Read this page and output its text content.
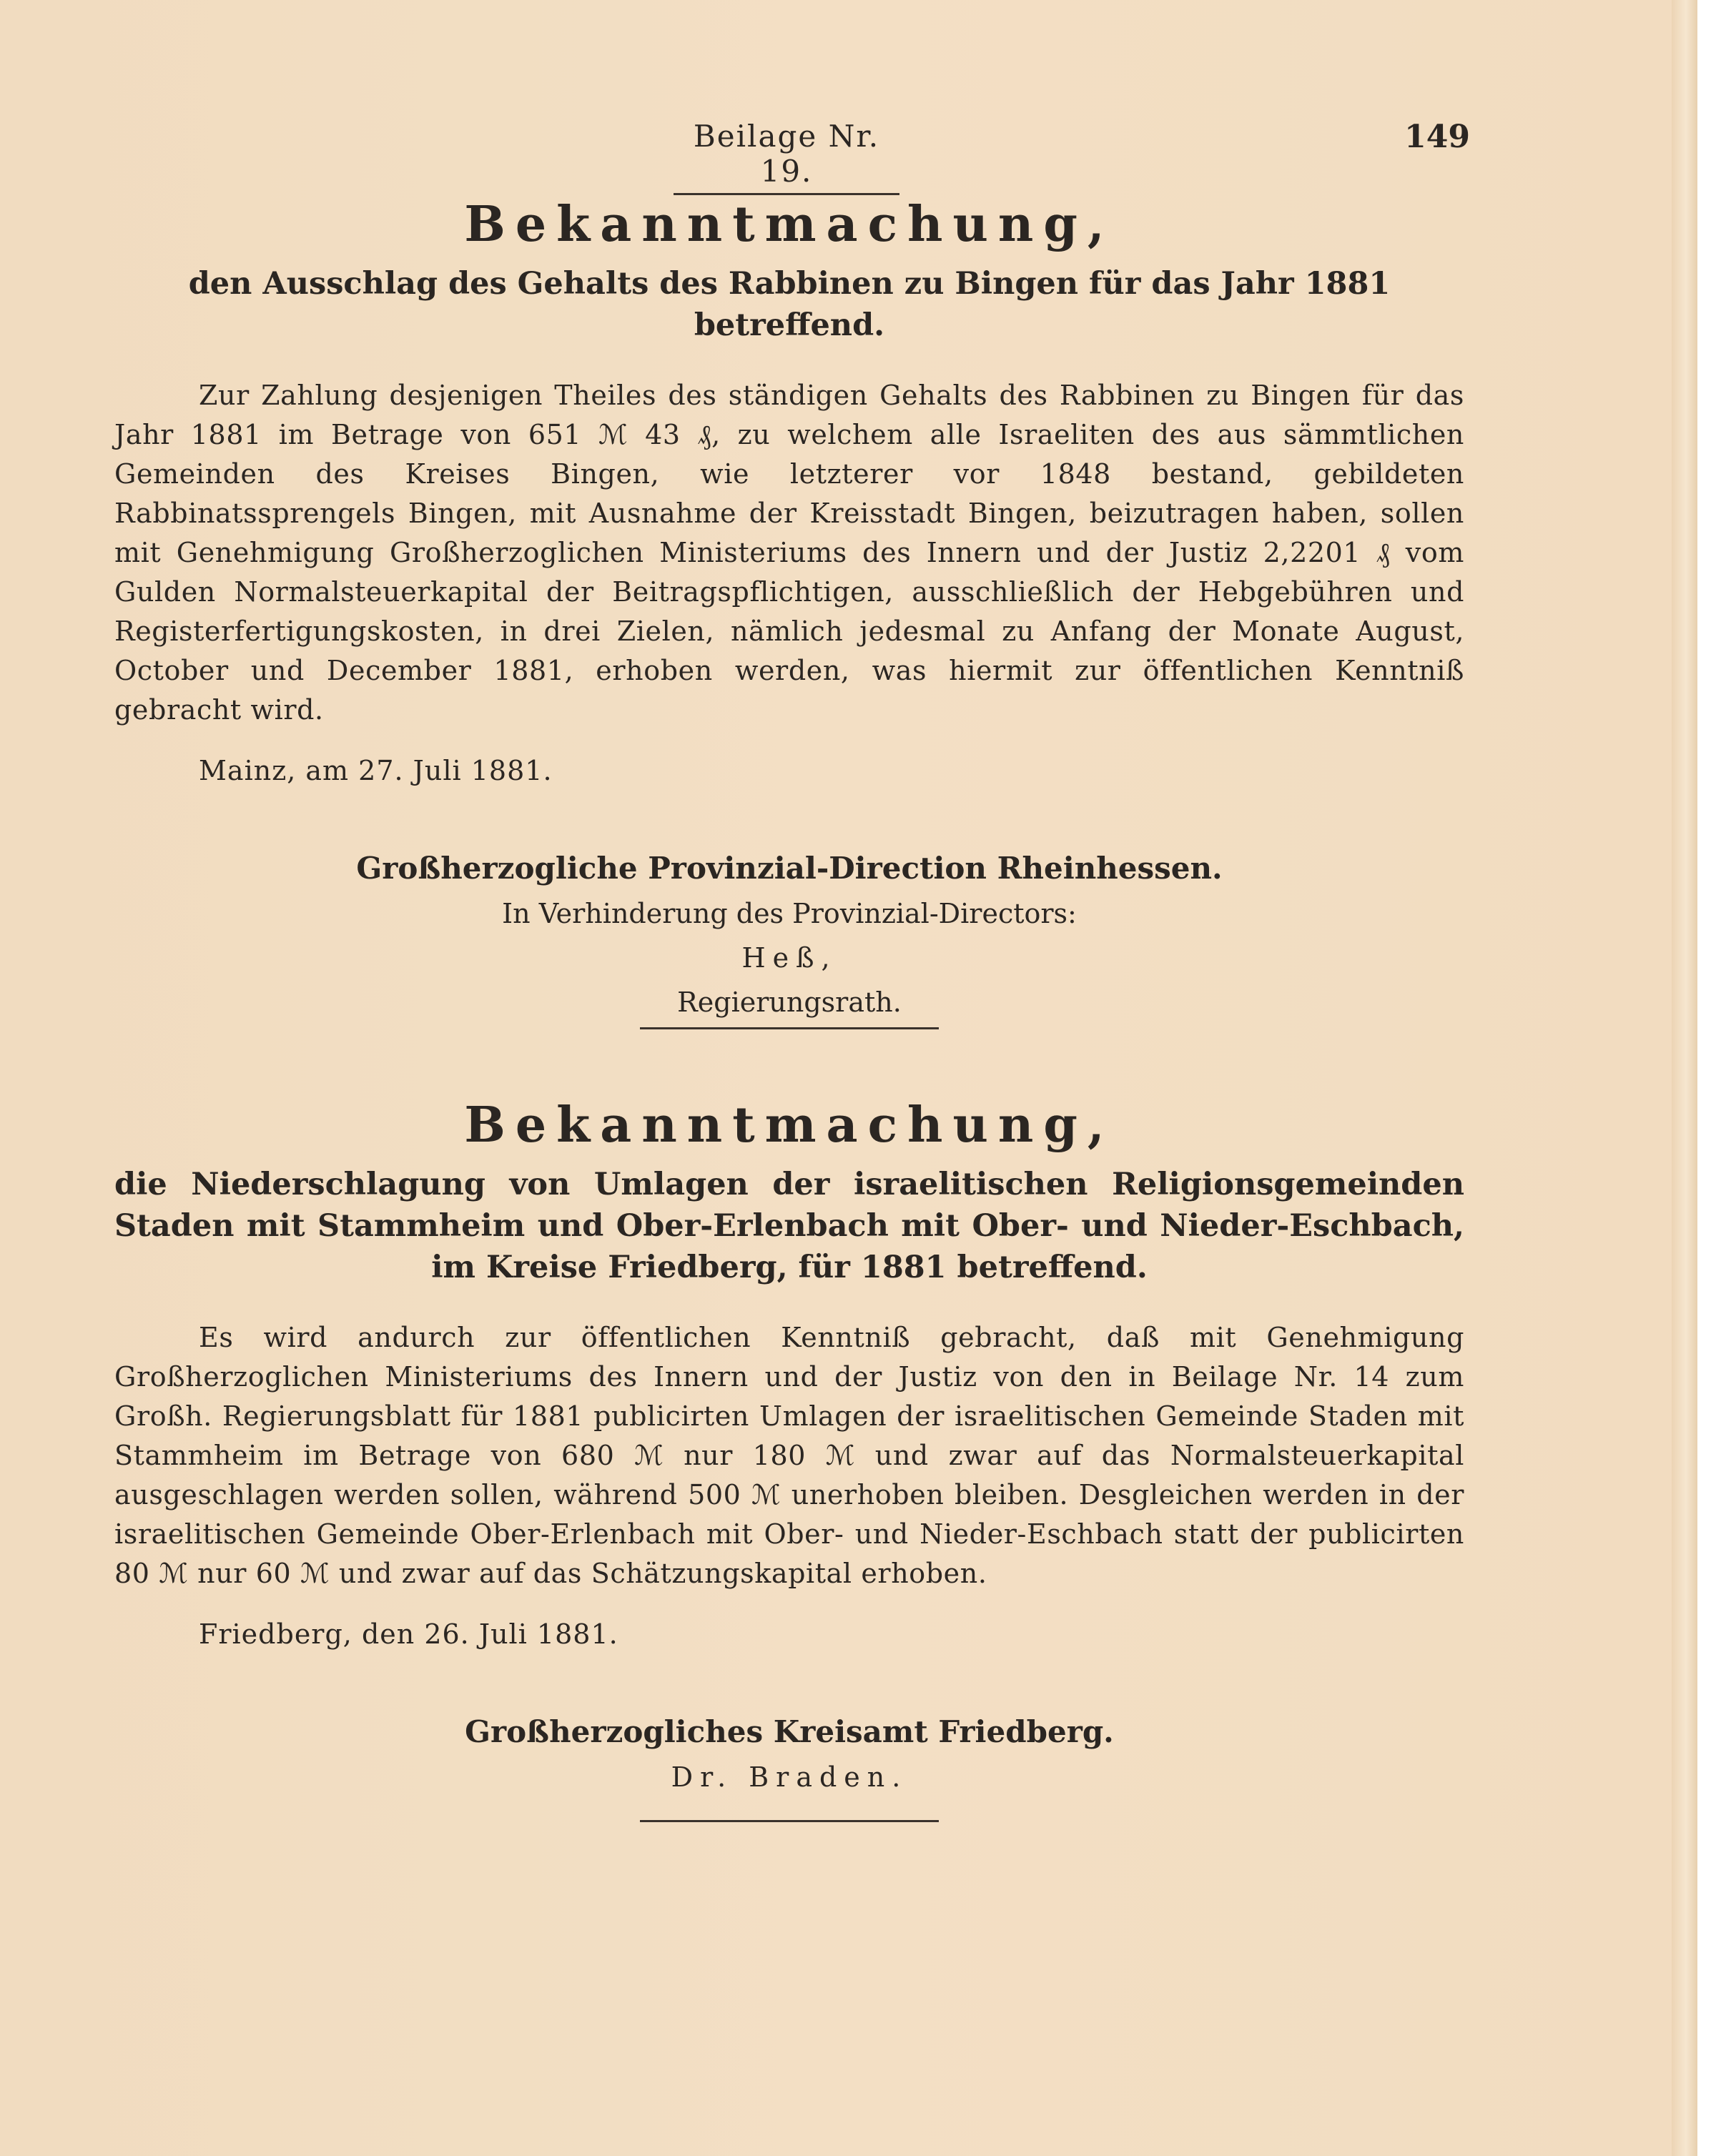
Beilage Nr. 19.
149
Bekanntmachung,

den Ausschlag des Gehalts des Rabbinen zu Bingen für das Jahr 1881 betreffend.

Zur Zahlung desjenigen Theiles des ständigen Gehalts des Rabbinen zu Bingen für das Jahr 1881 im Betrage von 651 ℳ 43 ₰, zu welchem alle Israeliten des aus sämmtlichen Gemeinden des Kreises Bingen, wie letzterer vor 1848 bestand, gebildeten Rabbinatssprengels Bingen, mit Ausnahme der Kreisstadt Bingen, beizutragen haben, sollen mit Genehmigung Großherzoglichen Ministeriums des Innern und der Justiz 2,2201 ₰ vom Gulden Normalsteuerkapital der Beitragspflichtigen, ausschließlich der Hebgebühren und Registerfertigungskosten, in drei Zielen, nämlich jedesmal zu Anfang der Monate August, October und December 1881, erhoben werden, was hiermit zur öffentlichen Kenntniß gebracht wird.

Mainz, am 27. Juli 1881.

Großherzogliche Provinzial-Direction Rheinhessen.

In Verhinderung des Provinzial-Directors:

Heß,

Regierungsrath.

Bekanntmachung,

die Niederschlagung von Umlagen der israelitischen Religionsgemeinden Staden mit Stammheim und Ober-Erlenbach mit Ober- und Nieder-Eschbach, im Kreise Friedberg, für 1881 betreffend.

Es wird andurch zur öffentlichen Kenntniß gebracht, daß mit Genehmigung Großherzoglichen Ministeriums des Innern und der Justiz von den in Beilage Nr. 14 zum Großh. Regierungsblatt für 1881 publicirten Umlagen der israelitischen Gemeinde Staden mit Stammheim im Betrage von 680 ℳ nur 180 ℳ und zwar auf das Normalsteuerkapital ausgeschlagen werden sollen, während 500 ℳ unerhoben bleiben. Desgleichen werden in der israelitischen Gemeinde Ober-Erlenbach mit Ober- und Nieder-Eschbach statt der publicirten 80 ℳ nur 60 ℳ und zwar auf das Schätzungskapital erhoben.

Friedberg, den 26. Juli 1881.

Großherzogliches Kreisamt Friedberg.

Dr. Braden.
